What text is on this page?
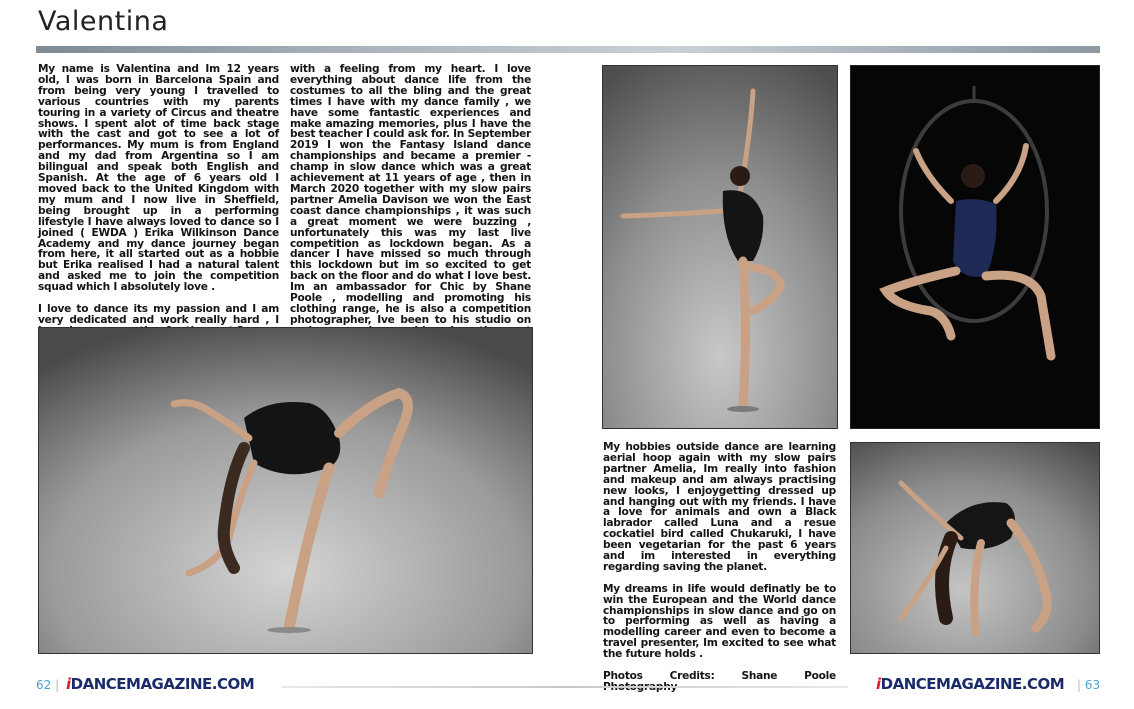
Valentina

My name is Valentina and Im 12 years old, I was born in Barcelona Spain and from being very young I travelled to various countries with my parents touring in a variety of Circus and theatre shows. I spent alot of time back stage with the cast and got to see a lot of performances. My mum is from England and my dad from Argentina so I am bilingual and speak both English and Spanish. At the age of 6 years old I moved back to the United Kingdom with my mum and I now live in Sheffield, being brought up in a performing lifestyle I have always loved to dance so I joined ( EWDA ) Erika Wilkinson Dance Academy and my dance journey began from here, it all started out as a hobbie but Erika realised I had a natural talent and asked me to join the competition squad which I absolutely love .

I love to dance its my passion and I am very dedicated and work really hard , I

with a feeling from my heart. I love everything about dance life from the costumes to all the bling and the great times I have with my dance family , we have some fantastic experiences and make amazing memories, plus I have the best teacher I could ask for. In September 2019 I won the Fantasy Island dance championships and became a premier - champ in slow dance which was a great achievement at 11 years of age , then in March 2020 together with my slow pairs partner Amelia Davison we won the East coast dance championships , it was such a great moment we were buzzing , unfortunately this was my last live competition as lockdown began. As a dancer I have missed so much through this lockdown but im so excited to get back on the floor and do what I love best. Im an ambassador for Chic by Shane Poole , modelling and promoting his clothing range, he is also a competition photographer, Ive been to his studio on

My hobbies outside dance are learning aerial hoop again with my slow pairs partner Amelia, Im really into fashion and makeup and am always practising new looks, I enjoygetting dressed up and hanging out with my friends. I have a love for animals and own a Black labrador called Luna and a resue cockatiel bird called Chukaruki, I have been vegetarian for the past 6 years and im interested in everything regarding saving the planet.

My dreams in life would definatly be to win the European and the World dance championships in slow dance and go on to performing as well as having a modelling career and even to become a travel presenter, Im excited to see what the future holds .

Photos Credits: Shane Poole

62 | iDANCEMAGAZINE.COM	iDANCEMAGAZINE.COM | 63
